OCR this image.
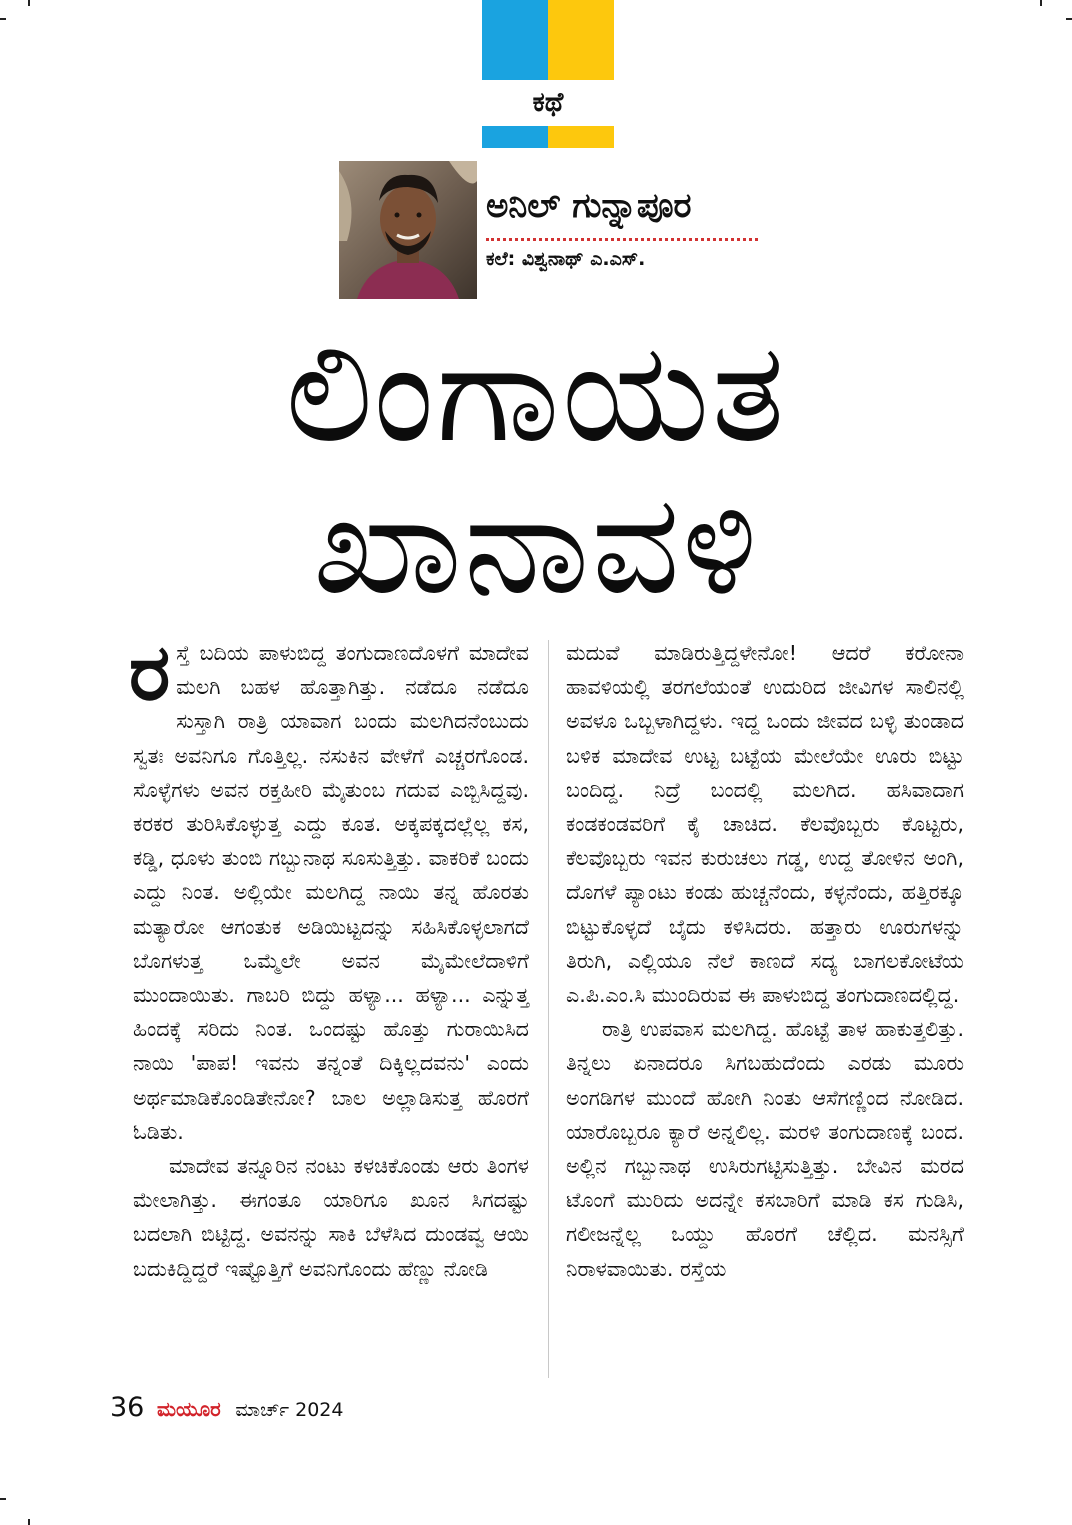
ಕಥೆ
ಅನಿಲ್ ಗುನ್ನಾಪೂರ
ಕಲೆ: ವಿಶ್ವನಾಥ್ ಎ.ಎಸ್.
ಲಿಂಗಾಯತ
ಖಾನಾವಳಿ

ರಸ್ತೆ ಬದಿಯ ಪಾಳುಬಿದ್ದ ತಂಗುದಾಣದೊಳಗೆ ಮಾದೇವ ಮಲಗಿ ಬಹಳ ಹೊತ್ತಾಗಿತ್ತು. ನಡೆದೂ ನಡೆದೂ ಸುಸ್ತಾಗಿ ರಾತ್ರಿ ಯಾವಾಗ ಬಂದು ಮಲಗಿದನೆಂಬುದು ಸ್ವತಃ ಅವನಿಗೂ ಗೊತ್ತಿಲ್ಲ. ನಸುಕಿನ ವೇಳೆಗೆ ಎಚ್ಚರಗೊಂಡ. ಸೊಳ್ಳೆಗಳು ಅವನ ರಕ್ತಹೀರಿ ಮೈತುಂಬ ಗದುವ ಎಬ್ಬಿಸಿದ್ದವು. ಕರಕರ ತುರಿಸಿಕೊಳ್ಳುತ್ತ ಎದ್ದು ಕೂತ. ಅಕ್ಕಪಕ್ಕದಲ್ಲೆಲ್ಲ ಕಸ, ಕಡ್ಡಿ, ಧೂಳು ತುಂಬಿ ಗಬ್ಬುನಾಥ ಸೂಸುತ್ತಿತ್ತು. ವಾಕರಿಕೆ ಬಂದು ಎದ್ದು ನಿಂತ. ಅಲ್ಲಿಯೇ ಮಲಗಿದ್ದ ನಾಯಿ ತನ್ನ ಹೊರತು ಮತ್ಯಾರೋ ಆಗಂತುಕ ಅಡಿಯಿಟ್ಟದನ್ನು ಸಹಿಸಿಕೊಳ್ಳಲಾಗದೆ ಬೊಗಳುತ್ತ ಒಮ್ಮೆಲೇ ಅವನ ಮೈಮೇಲೆದಾಳಿಗೆ ಮುಂದಾಯಿತು. ಗಾಬರಿ ಬಿದ್ದು ಹಳ್ಯಾ... ಹಳ್ಯಾ... ಎನ್ನುತ್ತ ಹಿಂದಕ್ಕೆ ಸರಿದು ನಿಂತ. ಒಂದಷ್ಟು ಹೊತ್ತು ಗುರಾಯಿಸಿದ ನಾಯಿ 'ಪಾಪ! ಇವನು ತನ್ನಂತೆ ದಿಕ್ಕಿಲ್ಲದವನು' ಎಂದು ಅರ್ಥಮಾಡಿಕೊಂಡಿತೇನೋ? ಬಾಲ ಅಲ್ಲಾಡಿಸುತ್ತ ಹೊರಗೆ ಓಡಿತು.

ಮಾದೇವ ತನ್ನೂರಿನ ನಂಟು ಕಳಚಿಕೊಂಡು ಆರು ತಿಂಗಳ ಮೇಲಾಗಿತ್ತು. ಈಗಂತೂ ಯಾರಿಗೂ ಖೂನ ಸಿಗದಷ್ಟು ಬದಲಾಗಿ ಬಿಟ್ಟಿದ್ದ. ಅವನನ್ನು ಸಾಕಿ ಬೆಳೆಸಿದ ದುಂಡವ್ವ ಆಯಿ ಬದುಕಿದ್ದಿದ್ದರೆ ಇಷ್ಟೊತ್ತಿಗೆ ಅವನಿಗೊಂದು ಹೆಣ್ಣು ನೋಡಿ

ಮದುವೆ ಮಾಡಿರುತ್ತಿದ್ದಳೇನೋ! ಆದರೆ ಕರೋನಾ ಹಾವಳಿಯಲ್ಲಿ ತರಗಲೆಯಂತೆ ಉದುರಿದ ಜೀವಿಗಳ ಸಾಲಿನಲ್ಲಿ ಅವಳೂ ಒಬ್ಬಳಾಗಿದ್ದಳು. ಇದ್ದ ಒಂದು ಜೀವದ ಬಳ್ಳಿ ತುಂಡಾದ ಬಳಿಕ ಮಾದೇವ ಉಟ್ಟ ಬಟ್ಟೆಯ ಮೇಲೆಯೇ ಊರು ಬಿಟ್ಟು ಬಂದಿದ್ದ. ನಿದ್ರೆ ಬಂದಲ್ಲಿ ಮಲಗಿದ. ಹಸಿವಾದಾಗ ಕಂಡಕಂಡವರಿಗೆ ಕೈ ಚಾಚಿದ. ಕೆಲವೊಬ್ಬರು ಕೊಟ್ಟರು, ಕೆಲವೊಬ್ಬರು ಇವನ ಕುರುಚಲು ಗಡ್ಡ, ಉದ್ದ ತೋಳಿನ ಅಂಗಿ, ದೊಗಳೆ ಪ್ಯಾಂಟು ಕಂಡು ಹುಚ್ಚನೆಂದು, ಕಳ್ಳನೆಂದು, ಹತ್ತಿರಕ್ಕೂ ಬಿಟ್ಟುಕೊಳ್ಳದೆ ಬೈದು ಕಳಿಸಿದರು. ಹತ್ತಾರು ಊರುಗಳನ್ನು ತಿರುಗಿ, ಎಲ್ಲಿಯೂ ನೆಲೆ ಕಾಣದೆ ಸದ್ಯ ಬಾಗಲಕೋಟೆಯ ಎ.ಪಿ.ಎಂ.ಸಿ ಮುಂದಿರುವ ಈ ಪಾಳುಬಿದ್ದ ತಂಗುದಾಣದಲ್ಲಿದ್ದ.

ರಾತ್ರಿ ಉಪವಾಸ ಮಲಗಿದ್ದ. ಹೊಟ್ಟೆ ತಾಳ ಹಾಕುತ್ತಲಿತ್ತು. ತಿನ್ನಲು ಏನಾದರೂ ಸಿಗಬಹುದೆಂದು ಎರಡು ಮೂರು ಅಂಗಡಿಗಳ ಮುಂದೆ ಹೋಗಿ ನಿಂತು ಆಸೆಗಣ್ಣಿಂದ ನೋಡಿದ. ಯಾರೊಬ್ಬರೂ ಕ್ಯಾರೆ ಅನ್ನಲಿಲ್ಲ. ಮರಳಿ ತಂಗುದಾಣಕ್ಕೆ ಬಂದ. ಅಲ್ಲಿನ ಗಬ್ಬುನಾಥ ಉಸಿರುಗಟ್ಟಿಸುತ್ತಿತ್ತು. ಬೇವಿನ ಮರದ ಟೊಂಗೆ ಮುರಿದು ಅದನ್ನೇ ಕಸಬಾರಿಗೆ ಮಾಡಿ ಕಸ ಗುಡಿಸಿ, ಗಲೀಜನ್ನೆಲ್ಲ ಒಯ್ದು ಹೊರಗೆ ಚೆಲ್ಲಿದ. ಮನಸ್ಸಿಗೆ ನಿರಾಳವಾಯಿತು. ರಸ್ತೆಯ

36 ಮಯೂರ ಮಾರ್ಚ್ 2024
